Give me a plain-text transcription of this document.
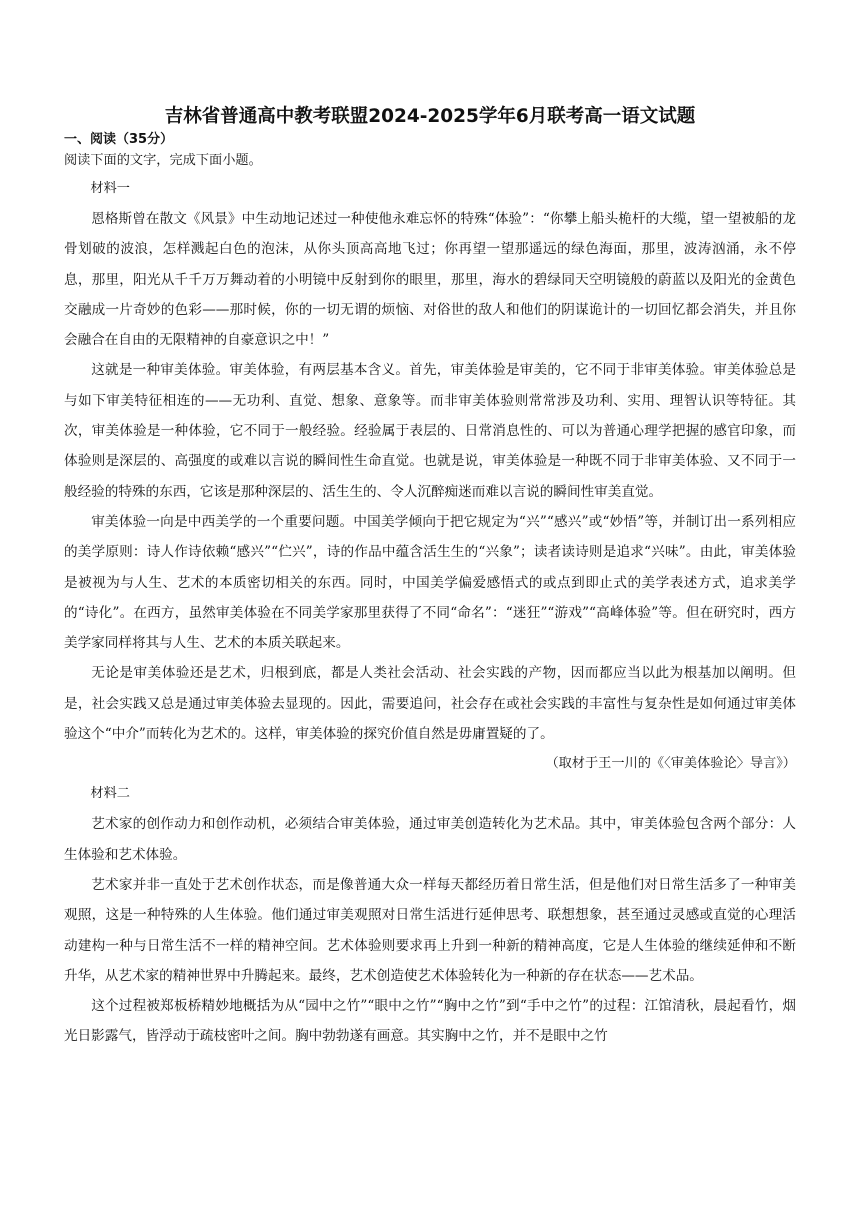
吉林省普通高中教考联盟2024-2025学年6月联考高一语文试题

一、阅读（35分）

阅读下面的文字，完成下面小题。

材料一

恩格斯曾在散文《风景》中生动地记述过一种使他永难忘怀的特殊“体验”：“你攀上船头桅杆的大缆，望一望被船的龙骨划破的波浪，怎样溅起白色的泡沫，从你头顶高高地飞过；你再望一望那遥远的绿色海面，那里，波涛汹涌，永不停息，那里，阳光从千千万万舞动着的小明镜中反射到你的眼里，那里，海水的碧绿同天空明镜般的蔚蓝以及阳光的金黄色交融成一片奇妙的色彩——那时候，你的一切无谓的烦恼、对俗世的敌人和他们的阴谋诡计的一切回忆都会消失，并且你会融合在自由的无限精神的自豪意识之中！”

这就是一种审美体验。审美体验，有两层基本含义。首先，审美体验是审美的，它不同于非审美体验。审美体验总是与如下审美特征相连的——无功利、直觉、想象、意象等。而非审美体验则常常涉及功利、实用、理智认识等特征。其次，审美体验是一种体验，它不同于一般经验。经验属于表层的、日常消息性的、可以为普通心理学把握的感官印象，而体验则是深层的、高强度的或难以言说的瞬间性生命直觉。也就是说，审美体验是一种既不同于非审美体验、又不同于一般经验的特殊的东西，它该是那种深层的、活生生的、令人沉醉痴迷而难以言说的瞬间性审美直觉。

审美体验一向是中西美学的一个重要问题。中国美学倾向于把它规定为“兴”“感兴”或“妙悟”等，并制订出一系列相应的美学原则：诗人作诗依赖“感兴”“伫兴”，诗的作品中蕴含活生生的“兴象”；读者读诗则是追求“兴味”。由此，审美体验是被视为与人生、艺术的本质密切相关的东西。同时，中国美学偏爱感悟式的或点到即止式的美学表述方式，追求美学的“诗化”。在西方，虽然审美体验在不同美学家那里获得了不同“命名”：“迷狂”“游戏”“高峰体验”等。但在研究时，西方美学家同样将其与人生、艺术的本质关联起来。

无论是审美体验还是艺术，归根到底，都是人类社会活动、社会实践的产物，因而都应当以此为根基加以阐明。但是，社会实践又总是通过审美体验去显现的。因此，需要追问，社会存在或社会实践的丰富性与复杂性是如何通过审美体验这个“中介”而转化为艺术的。这样，审美体验的探究价值自然是毋庸置疑的了。

（取材于王一川的《〈审美体验论〉导言》）

材料二

艺术家的创作动力和创作动机，必须结合审美体验，通过审美创造转化为艺术品。其中，审美体验包含两个部分：人生体验和艺术体验。

艺术家并非一直处于艺术创作状态，而是像普通大众一样每天都经历着日常生活，但是他们对日常生活多了一种审美观照，这是一种特殊的人生体验。他们通过审美观照对日常生活进行延伸思考、联想想象，甚至通过灵感或直觉的心理活动建构一种与日常生活不一样的精神空间。艺术体验则要求再上升到一种新的精神高度，它是人生体验的继续延伸和不断升华，从艺术家的精神世界中升腾起来。最终，艺术创造使艺术体验转化为一种新的存在状态——艺术品。

这个过程被郑板桥精妙地概括为从“园中之竹”“眼中之竹”“胸中之竹”到“手中之竹”的过程：江馆清秋，晨起看竹，烟光日影露气，皆浮动于疏枝密叶之间。胸中勃勃遂有画意。其实胸中之竹，并不是眼中之竹
